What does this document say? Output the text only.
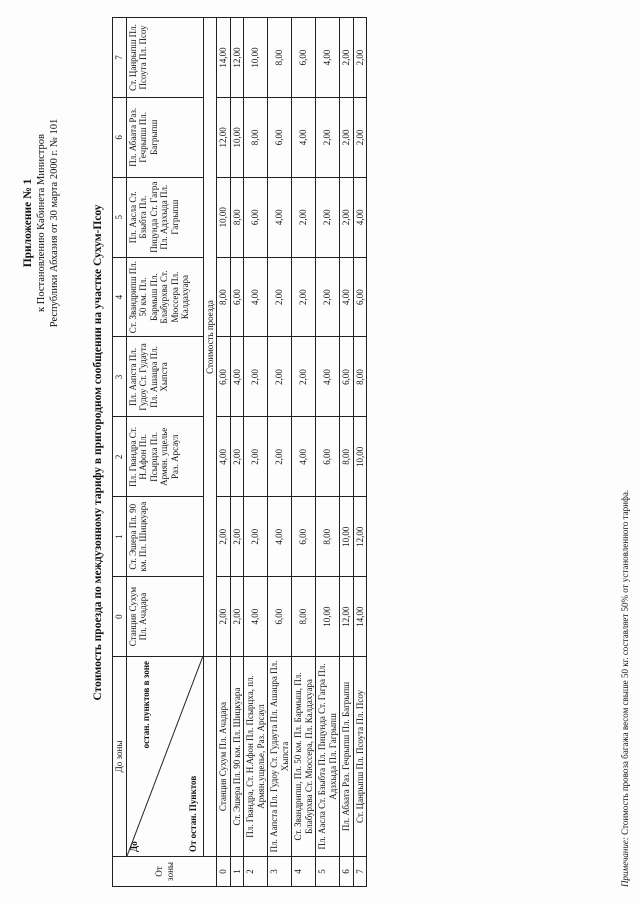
Приложение № 1 к Постановлению Кабинета Министров Республики Абхазия от 30 марта 2000 г. № 101	Стоимость проезда по междузонному тарифу в пригородном сообщении на участке Сухум-Псоу
От зоны	До зоны	0	1	2	3	4	5	6	7

	До
остан. пунктов в зоне
От остан. Пунктов	Станция Сухум Пл. Ачадара	Ст. Эшера Пл. 90 км. Пл. Шицкуара	Пл. Гвандра Ст. Н.Афон Пл. Псырцха Пл. Армян. ущелье Раз. Арсаул	Пл. Аапста Пл. Гудоу Ст. Гудаута Пл. Ашацра Пл. Хыпста	Ст. Звандрипш Пл. 50 км. Пл. Бармыш Пл. Блабурхва Ст. Мюссера Пл. Калдахуара	Пл. Аасла Ст. Бзыбта Пл. Пицунда Ст. Гагра Пл. Адзхыда Пл. Гагрыпш	Пл. Абаата Раз. Гечрыпш Пл. Багрыпш	Ст. Цанрыпш Пл. Псоута Пл. Псоу
		Стоимость проезда							
0	Станция Сухум Пл. Ачадара	2,00	2,00	4,00	6,00	8,00	10,00	12,00	14,00
1	Ст. Эшера Пл. 90 км. Пл. Шицкуара	2,00	2,00	2,00	4,00	6,00	8,00	10,00	12,00
2	Пл. Гвандра, Ст. Н.Афон Пл. Псырцха, пл. Армян.ущелье, Раз. Арсаул	4,00	2,00	2,00	2,00	4,00	6,00	8,00	10,00
3	Пл. Аапста Пл. Гудоу Ст. Гудаута Пл. Ашацра Пл. Хыпста	6,00	4,00	2,00	2,00	2,00	4,00	6,00	8,00
4	Ст. Звандрипш, Пл. 50 км. Пл. Бармыш, Пл. Блабурхва Ст. Мюссера, Пл. Калдахуара	8,00	6,00	4,00	2,00	2,00	2,00	4,00	6,00
5	Пл. Аасла Ст. Бзыбта Пл. Пицунда Ст. Гагра Пл. Адзхыда Пл. Гагрыпш	10,00	8,00	6,00	4,00	2,00	2,00	2,00	4,00
6	Пл. Абаата Раз. Гечрыпш Пл. Багрыпш	12,00	10,00	8,00	6,00	4,00	2,00	2,00	2,00
7	Ст. Цанрыпш Пл. Псоута Пл. Псоу	14,00	12,00	10,00	8,00	6,00	4,00	2,00	2,00
Примечание: Стоимость провоза багажа весом свыше 50 кг. составляет 50% от установленного тарифа.
